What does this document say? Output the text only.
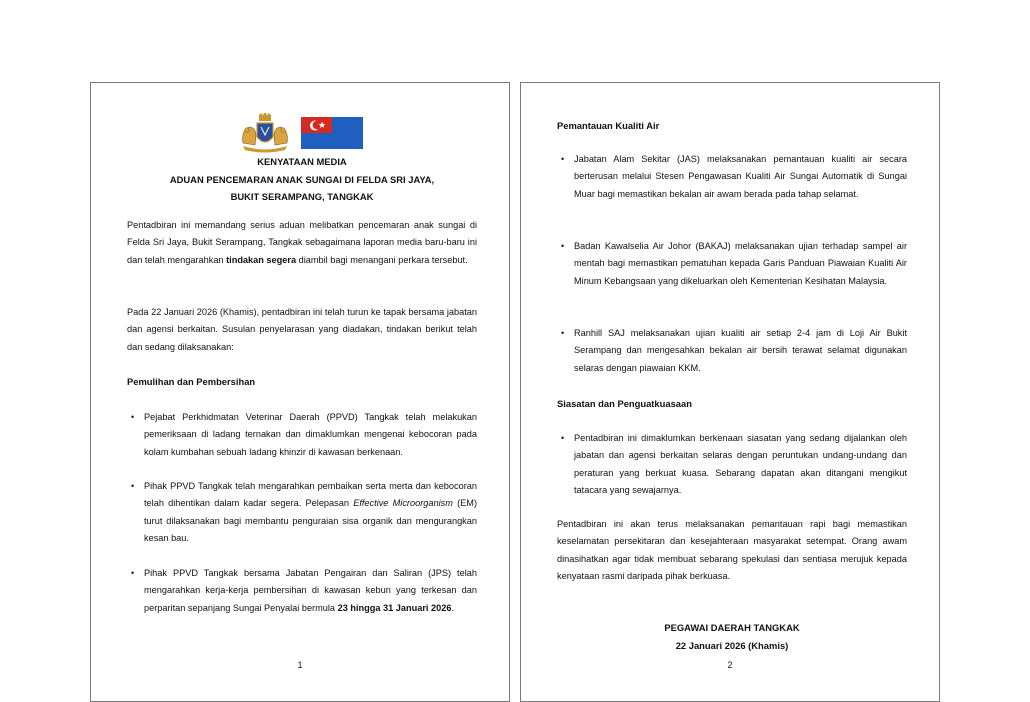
KENYATAAN MEDIA
ADUAN PENCEMARAN ANAK SUNGAI DI FELDA SRI JAYA,
BUKIT SERAMPANG, TANGKAK

Pentadbiran ini memandang serius aduan melibatkan pencemaran anak sungai di Felda Sri Jaya, Bukit Serampang, Tangkak sebagaimana laporan media baru-baru ini dan telah mengarahkan tindakan segera diambil bagi menangani perkara tersebut.

Pada 22 Januari 2026 (Khamis), pentadbiran ini telah turun ke tapak bersama jabatan dan agensi berkaitan. Susulan penyelarasan yang diadakan, tindakan berikut telah dan sedang dilaksanakan:

Pemulihan dan Pembersihan

• Pejabat Perkhidmatan Veterinar Daerah (PPVD) Tangkak telah melakukan pemeriksaan di ladang ternakan dan dimaklumkan mengenai kebocoran pada kolam kumbahan sebuah ladang khinzir di kawasan berkenaan.
• Pihak PPVD Tangkak telah mengarahkan pembaikan serta merta dan kebocoran telah dihentikan dalam kadar segera. Pelepasan Effective Microorganism (EM) turut dilaksanakan bagi membantu penguraian sisa organik dan mengurangkan kesan bau.
• Pihak PPVD Tangkak bersama Jabatan Pengairan dan Saliran (JPS) telah mengarahkan kerja-kerja pembersihan di kawasan kebun yang terkesan dan perparitan sepanjang Sungai Penyalai bermula 23 hingga 31 Januari 2026.
1

Pemantauan Kualiti Air

• Jabatan Alam Sekitar (JAS) melaksanakan pemantauan kualiti air secara berterusan melalui Stesen Pengawasan Kualiti Air Sungai Automatik di Sungai Muar bagi memastikan bekalan air awam berada pada tahap selamat.
• Badan Kawalselia Air Johor (BAKAJ) melaksanakan ujian terhadap sampel air mentah bagi memastikan pematuhan kepada Garis Panduan Piawaian Kualiti Air Minum Kebangsaan yang dikeluarkan oleh Kementerian Kesihatan Malaysia.
• Ranhill SAJ melaksanakan ujian kualiti air setiap 2-4 jam di Loji Air Bukit Serampang dan mengesahkan bekalan air bersih terawat selamat digunakan selaras dengan piawaian KKM.

Siasatan dan Penguatkuasaan

• Pentadbiran ini dimaklumkan berkenaan siasatan yang sedang dijalankan oleh jabatan dan agensi berkaitan selaras dengan peruntukan undang-undang dan peraturan yang berkuat kuasa. Sebarang dapatan akan ditangani mengikut tatacara yang sewajarnya.

Pentadbiran ini akan terus melaksanakan pemantauan rapi bagi memastikan keselamatan persekitaran dan kesejahteraan masyarakat setempat. Orang awam dinasihatkan agar tidak membuat sebarang spekulasi dan sentiasa merujuk kepada kenyataan rasmi daripada pihak berkuasa.

PEGAWAI DAERAH TANGKAK
22 Januari 2026 (Khamis)
2
